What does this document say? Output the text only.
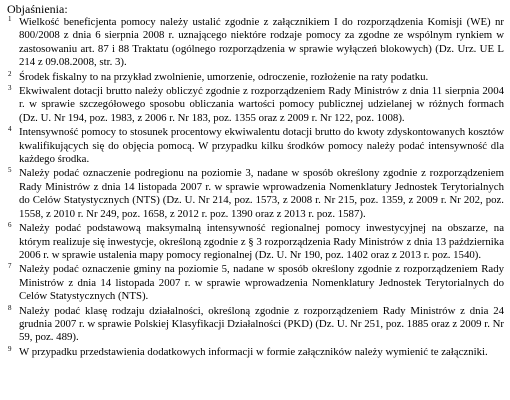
Objaśnienia:
1 Wielkość beneficjenta pomocy należy ustalić zgodnie z załącznikiem I do rozporządzenia Komisji (WE) nr 800/2008 z dnia 6 sierpnia 2008 r. uznającego niektóre rodzaje pomocy za zgodne ze wspólnym rynkiem w zastosowaniu art. 87 i 88 Traktatu (ogólnego rozporządzenia w sprawie wyłączeń blokowych) (Dz. Urz. UE L 214 z 09.08.2008, str. 3).
2 Środek fiskalny to na przykład zwolnienie, umorzenie, odroczenie, rozłożenie na raty podatku.
3 Ekwiwalent dotacji brutto należy obliczyć zgodnie z rozporządzeniem Rady Ministrów z dnia 11 sierpnia 2004 r. w sprawie szczegółowego sposobu obliczania wartości pomocy publicznej udzielanej w różnych formach (Dz. U. Nr 194, poz. 1983, z 2006 r. Nr 183, poz. 1355 oraz z 2009 r. Nr 122, poz. 1008).
4 Intensywność pomocy to stosunek procentowy ekwiwalentu dotacji brutto do kwoty zdyskontowanych kosztów kwalifikujących się do objęcia pomocą. W przypadku kilku środków pomocy należy podać intensywność dla każdego środka.
5 Należy podać oznaczenie podregionu na poziomie 3, nadane w sposób określony zgodnie z rozporządzeniem Rady Ministrów z dnia 14 listopada 2007 r. w sprawie wprowadzenia Nomenklatury Jednostek Terytorialnych do Celów Statystycznych (NTS) (Dz. U. Nr 214, poz. 1573, z 2008 r. Nr 215, poz. 1359, z 2009 r. Nr 202, poz. 1558, z 2010 r. Nr 249, poz. 1658, z 2012 r. poz. 1390 oraz z 2013 r. poz. 1587).
6 Należy podać podstawową maksymalną intensywność regionalnej pomocy inwestycyjnej na obszarze, na którym realizuje się inwestycje, określoną zgodnie z § 3 rozporządzenia Rady Ministrów z dnia 13 października 2006 r. w sprawie ustalenia mapy pomocy regionalnej (Dz. U. Nr 190, poz. 1402 oraz z 2013 r. poz. 1540).
7 Należy podać oznaczenie gminy na poziomie 5, nadane w sposób określony zgodnie z rozporządzeniem Rady Ministrów z dnia 14 listopada 2007 r. w sprawie wprowadzenia Nomenklatury Jednostek Terytorialnych do Celów Statystycznych (NTS).
8 Należy podać klasę rodzaju działalności, określoną zgodnie z rozporządzeniem Rady Ministrów z dnia 24 grudnia 2007 r. w sprawie Polskiej Klasyfikacji Działalności (PKD) (Dz. U. Nr 251, poz. 1885 oraz z 2009 r. Nr 59, poz. 489).
9 W przypadku przedstawienia dodatkowych informacji w formie załączników należy wymienić te załączniki.
